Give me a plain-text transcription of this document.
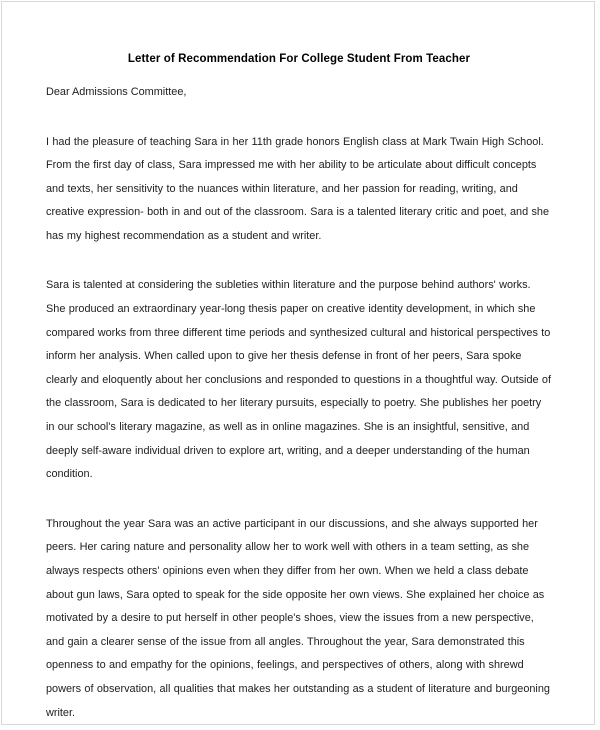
Letter of Recommendation For College Student From Teacher

Dear Admissions Committee,

I had the pleasure of teaching Sara in her 11th grade honors English class at Mark Twain High School. From the first day of class, Sara impressed me with her ability to be articulate about difficult concepts and texts, her sensitivity to the nuances within literature, and her passion for reading, writing, and creative expression- both in and out of the classroom. Sara is a talented literary critic and poet, and she has my highest recommendation as a student and writer.

Sara is talented at considering the subleties within literature and the purpose behind authors' works. She produced an extraordinary year-long thesis paper on creative identity development, in which she compared works from three different time periods and synthesized cultural and historical perspectives to inform her analysis. When called upon to give her thesis defense in front of her peers, Sara spoke clearly and eloquently about her conclusions and responded to questions in a thoughtful way. Outside of the classroom, Sara is dedicated to her literary pursuits, especially to poetry. She publishes her poetry in our school's literary magazine, as well as in online magazines. She is an insightful, sensitive, and deeply self-aware individual driven to explore art, writing, and a deeper understanding of the human condition.

Throughout the year Sara was an active participant in our discussions, and she always supported her peers. Her caring nature and personality allow her to work well with others in a team setting, as she always respects others' opinions even when they differ from her own. When we held a class debate about gun laws, Sara opted to speak for the side opposite her own views. She explained her choice as motivated by a desire to put herself in other people's shoes, view the issues from a new perspective, and gain a clearer sense of the issue from all angles. Throughout the year, Sara demonstrated this openness to and empathy for the opinions, feelings, and perspectives of others, along with shrewd powers of observation, all qualities that makes her outstanding as a student of literature and burgeoning writer.
